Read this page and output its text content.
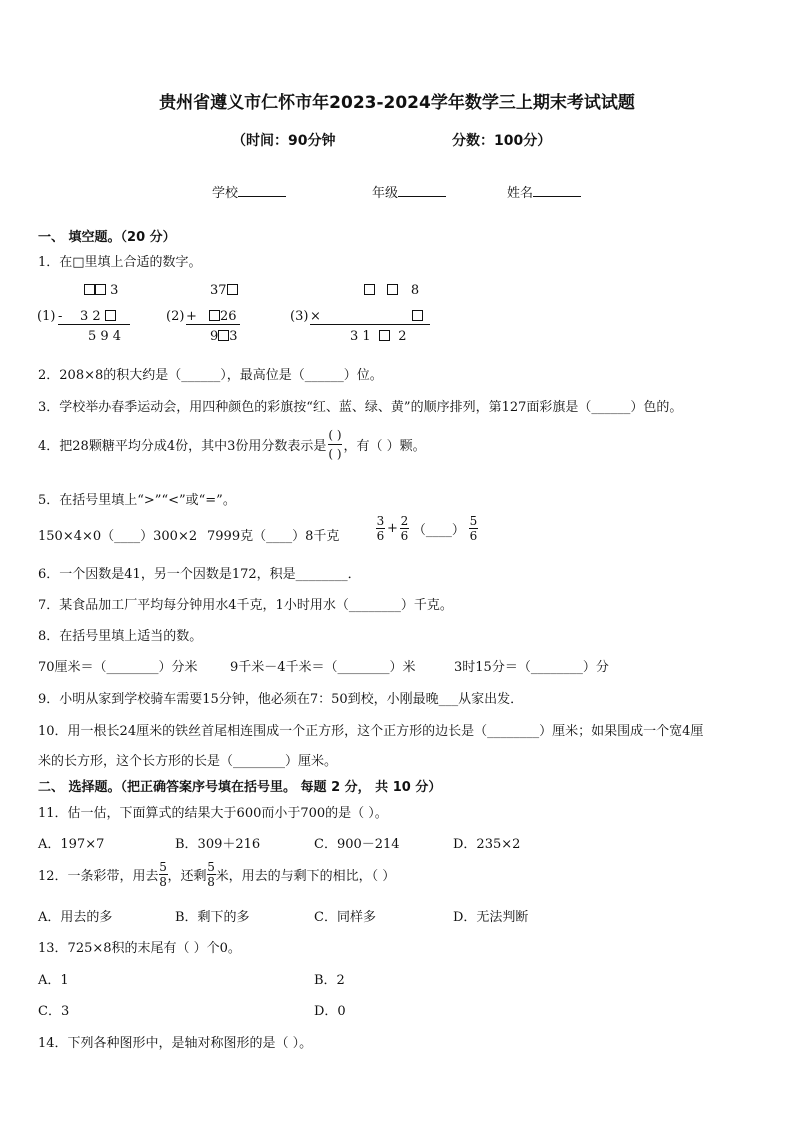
贵州省遵义市仁怀市年2023-2024学年数学三上期末考试试题
（时间：90分钟	分数：100分）
学校	年级	姓名
一、 填空题。（20 分）
1．在□里填上合适的数字。
3
(1) - 3 2
5 9 4
37
(2) +	26
9 3
8
(3) ×
3 1 2
2．208×8的积大约是（______），最高位是（______）位。
3．学校举办春季运动会，用四种颜色的彩旗按“红、蓝、绿、黄”的顺序排列，第127面彩旗是（______）色的。
4．把28颗糖平均分成4份，其中3份用分数表示是 $\frac{( )}{( )}$ ，有（ ）颗。
5．在括号里填上“>”“<”或“=”。
150×4×0（____）300×2 7999克（____）8千克	$\frac{3}{6} + \frac{2}{6}$ （____） $\frac{5}{6}$
6．一个因数是41，另一个因数是172，积是________．
7．某食品加工厂平均每分钟用水4千克，1小时用水（________）千克。
8．在括号里填上适当的数。
70厘米＝（________）分米 9千米－4千米＝（________）米	3时15分＝（________）分
9．小明从家到学校骑车需要15分钟，他必须在7：50到校，小刚最晚___从家出发．
10．用一根长24厘米的铁丝首尾相连围成一个正方形，这个正方形的边长是（________）厘米；如果围成一个宽4厘
米的长方形，这个长方形的长是（________）厘米。
二、 选择题。（把正确答案序号填在括号里。 每题 2 分， 共 10 分）
11．估一估，下面算式的结果大于600而小于700的是（ ）。
A．197×7	B．309＋216	C．900－214	D．235×2
12．一条彩带，用去 $\frac{5}{8}$ ，还剩 $\frac{5}{8}$ 米，用去的与剩下的相比，（ ）
A．用去的多	B．剩下的多	C．同样多	D．无法判断
13．725×8积的末尾有（ ）个0。
A．1	B．2
C．3	D．0
14．下列各种图形中，是轴对称图形的是（ ）。
